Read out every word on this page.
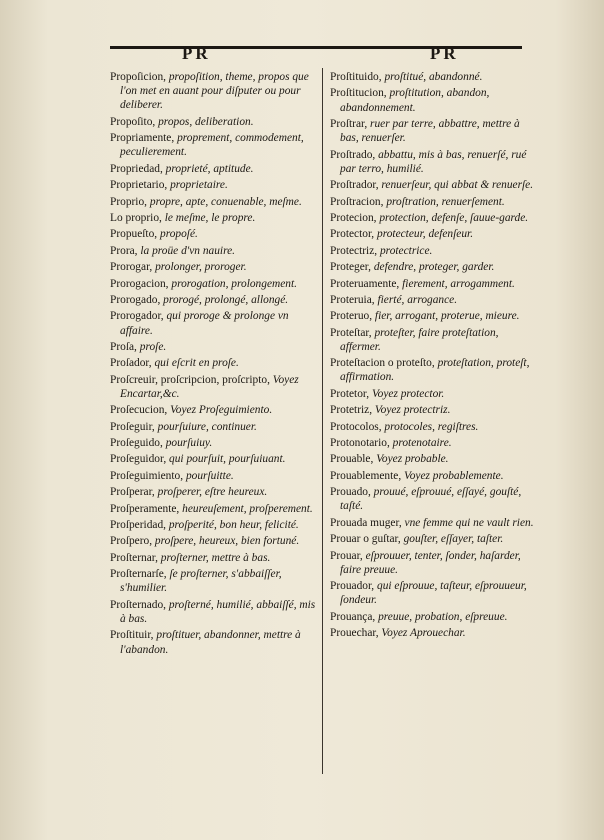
PR	PR
Propoſicion, propoſition, theme, propos que l'on met en auant pour diſputer ou pour deliberer.
Propoſito, propos, deliberation.
Propriamente, proprement, commodement, peculierement.
Propriedad, proprieté, aptitude.
Proprietario, proprietaire.
Proprio, propre, apte, conuenable, meſme.
Lo proprio, le meſme, le propre.
Propueſto, propoſé.
Prora, la proüe d'vn nauire.
Prorogar, prolonger, proroger.
Prorogacion, prorogation, prolongement.
Prorogado, prorogé, prolongé, allongé.
Prorogador, qui proroge & prolonge vn affaire.
Proſa, proſe.
Proſador, qui eſcrit en proſe.
Proſcreuir, proſcripcion, proſcripto, Voyez Encartar,&c.
Proſecucion, Voyez Proſeguimiento.
Proſeguir, pourſuiure, continuer.
Proſeguido, pourſuiuy.
Proſeguidor, qui pourſuit, pourſuiuant.
Proſeguimiento, pourſuitte.
Proſperar, proſperer, eſtre heureux.
Proſperamente, heureuſement, proſperement.
Proſperidad, proſperité, bon heur, felicité.
Proſpero, proſpere, heureux, bien fortuné.
Proſternar, proſterner, mettre à bas.
Proſternarſe, ſe proſterner, s'abbaiſſer, s'humilier.
Proſternado, proſterné, humilié, abbaiſſé, mis à bas.
Proſtituir, proſtituer, abandonner, mettre à l'abandon.
Proſtituido, proſtitué, abandonné.
Proſtitucion, proſtitution, abandon, abandonnement.
Proſtrar, ruer par terre, abbattre, mettre à bas, renuerſer.
Proſtrado, abbattu, mis à bas, renuerſé, rué par terro, humilié.
Proſtrador, renuerſeur, qui abbat & renuerſe.
Proſtracion, proſtration, renuerſement.
Protecion, protection, defenſe, ſauue-garde.
Protector, protecteur, defenſeur.
Protectriz, protectrice.
Proteger, defendre, proteger, garder.
Proteruamente, fierement, arrogamment.
Proteruia, fierté, arrogance.
Proteruo, fier, arrogant, proterue, mieure.
Proteſtar, proteſter, faire proteſtation, affermer.
Proteſtacion o proteſto, proteſtation, proteſt, affirmation.
Protetor, Voyez protector.
Protetriz, Voyez protectriz.
Protocolos, protocoles, regiſtres.
Protonotario, protenotaire.
Prouable, Voyez probable.
Prouablemente, Voyez probablemente.
Prouado, prouué, eſprouué, eſſayé, gouſté, taſté.
Prouada muger, vne femme qui ne vault rien.
Prouar o guſtar, gouſter, eſſayer, taſter.
Prouar, eſprouuer, tenter, ſonder, haſarder, faire preuue.
Prouador, qui eſprouue, taſteur, eſprouueur, ſondeur.
Prouança, preuue, probation, eſpreuue.
Prouechar, Voyez Aprouechar.
